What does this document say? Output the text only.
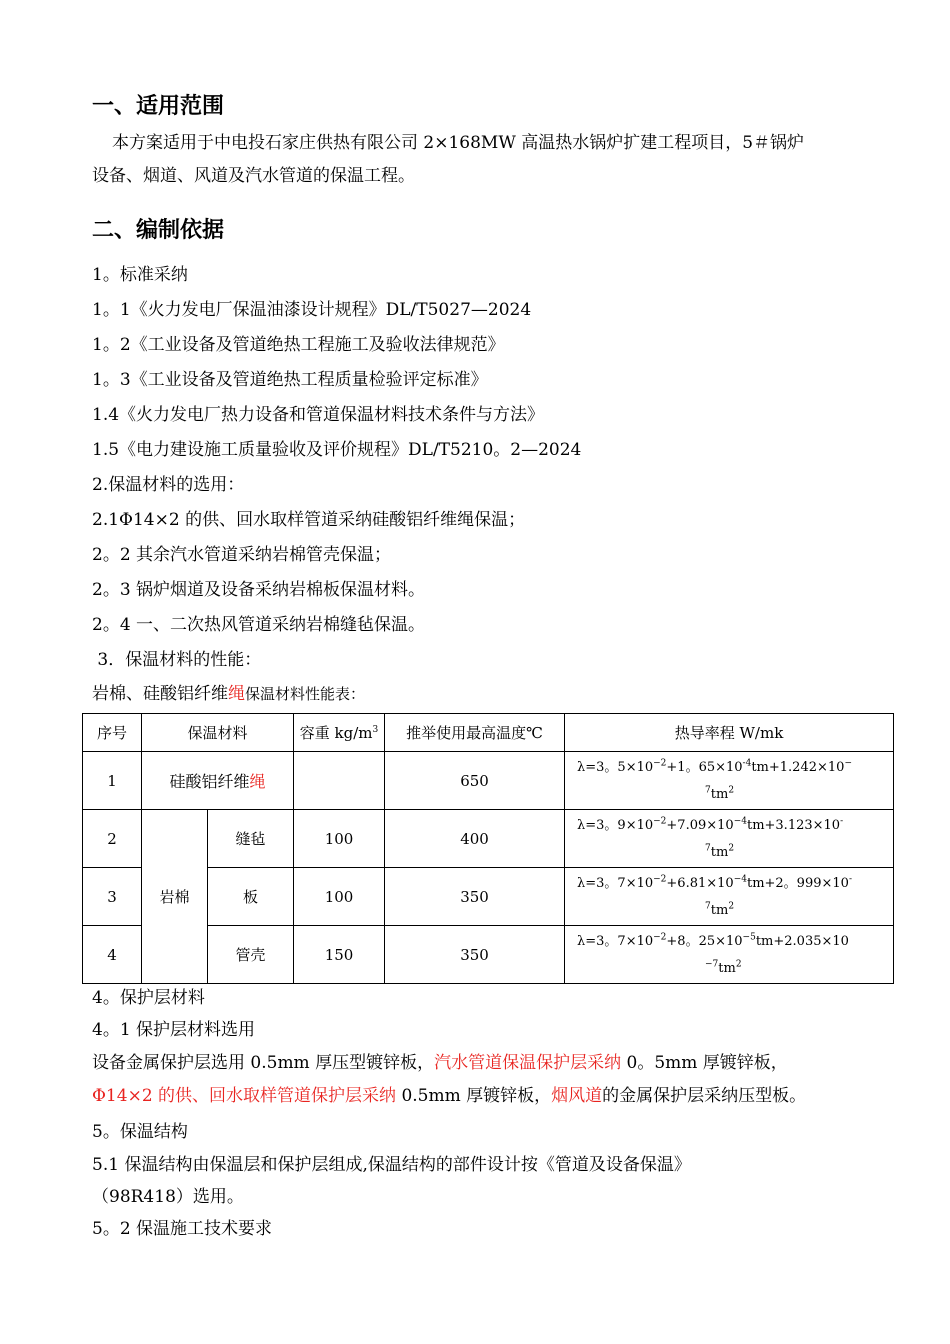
一、适用范围
本方案适用于中电投石家庄供热有限公司 2×168MW 高温热水锅炉扩建工程项目，5＃锅炉
设备、烟道、风道及汽水管道的保温工程。
二、编制依据
1。标准采纳
1。1《火力发电厂保温油漆设计规程》DL/T5027—2024
1。2《工业设备及管道绝热工程施工及验收法律规范》
1。3《工业设备及管道绝热工程质量检验评定标准》
1.4《火力发电厂热力设备和管道保温材料技术条件与方法》
1.5《电力建设施工质量验收及评价规程》DL/T5210。2—2024
2.保温材料的选用：
2.1Φ14×2 的供、回水取样管道采纳硅酸铝纤维绳保温；
2。2 其余汽水管道采纳岩棉管壳保温；
2。3 锅炉烟道及设备采纳岩棉板保温材料。
2。4 一、二次热风管道采纳岩棉缝毡保温。
3．保温材料的性能：
岩棉、硅酸铝纤维绳保温材料性能表：
序号	保温材料		容重 $kg/m^3$	推举使用最高温度℃	热导率程 W/mk
1	硅酸铝纤维绳			650	λ=3。$5\times 10^{-2}+1$。$65\times 10^{-4}tm+1.242\times 10^-$
$^7tm^2$
2	岩棉	缝毡	100	400	λ=3。$9\times 10^{-2}+7.09\times 10^{-4}tm+3.123\times 10^-$
$^7tm^2$
3		板	100	350	λ=3。$7\times 10^{-2}+6.81\times 10^{-4}tm+2$。999×10-
$^7tm^2$
4		管壳	150	350	λ=3。$7\times 10^{-2}+8$。$25\times 10^{-5}tm+2.035\times 10$
$^{-7}tm^2$
4。保护层材料
4。1 保护层材料选用
设备金属保护层选用 0.5mm 厚压型镀锌板，汽水管道保温保护层采纳 0。5mm 厚镀锌板，
Φ14×2 的供、回水取样管道保护层采纳 0.5mm 厚镀锌板，烟风道的金属保护层采纳压型板。
5。保温结构
5.1 保温结构由保温层和保护层组成,保温结构的部件设计按《管道及设备保温》
（98R418）选用。
5。2 保温施工技术要求
